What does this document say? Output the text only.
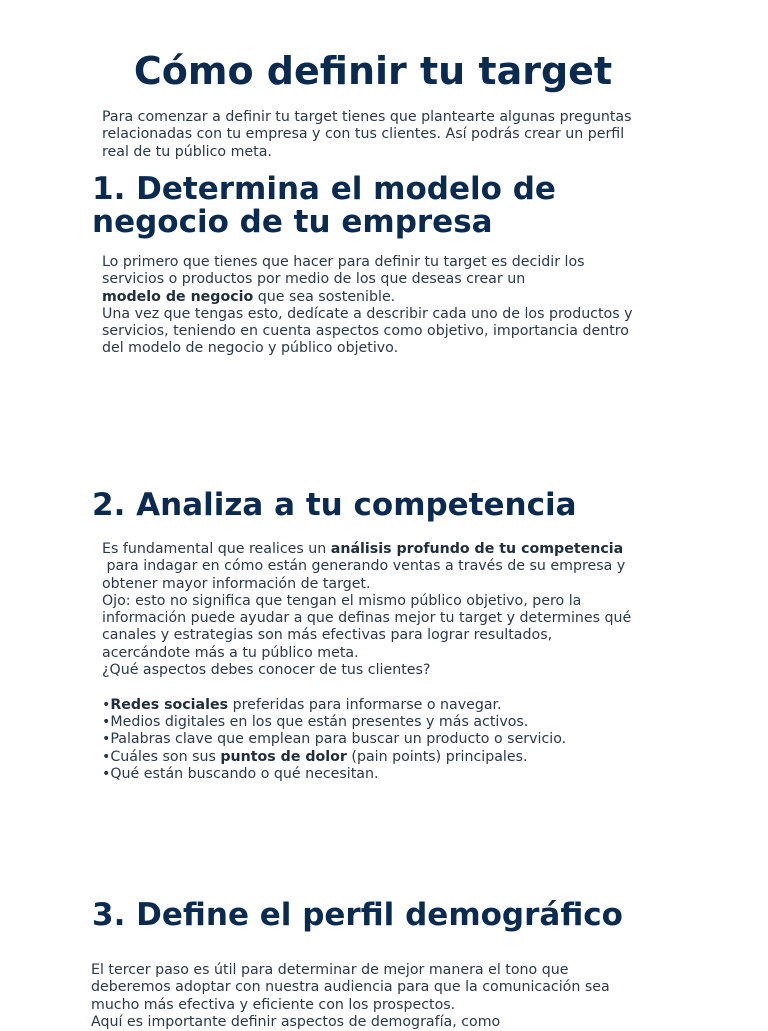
Cómo definir tu target

Para comenzar a definir tu target tienes que plantearte algunas preguntas
relacionadas con tu empresa y con tus clientes. Así podrás crear un perfil
real de tu público meta.

1. Determina el modelo de
negocio de tu empresa

Lo primero que tienes que hacer para definir tu target es decidir los
servicios o productos por medio de los que deseas crear un
modelo de negocio que sea sostenible.
Una vez que tengas esto, dedícate a describir cada uno de los productos y
servicios, teniendo en cuenta aspectos como objetivo, importancia dentro
del modelo de negocio y público objetivo.

2. Analiza a tu competencia

Es fundamental que realices un análisis profundo de tu competencia
para indagar en cómo están generando ventas a través de su empresa y
obtener mayor información de target.
Ojo: esto no significa que tengan el mismo público objetivo, pero la
información puede ayudar a que definas mejor tu target y determines qué
canales y estrategias son más efectivas para lograr resultados,
acercándote más a tu público meta.
¿Qué aspectos debes conocer de tus clientes?
•Redes sociales preferidas para informarse o navegar.
•Medios digitales en los que están presentes y más activos.
•Palabras clave que emplean para buscar un producto o servicio.
•Cuáles son sus puntos de dolor (pain points) principales.
•Qué están buscando o qué necesitan.

3. Define el perfil demográfico

El tercer paso es útil para determinar de mejor manera el tono que
deberemos adoptar con nuestra audiencia para que la comunicación sea
mucho más efectiva y eficiente con los prospectos.
Aquí es importante definir aspectos de demografía, como
